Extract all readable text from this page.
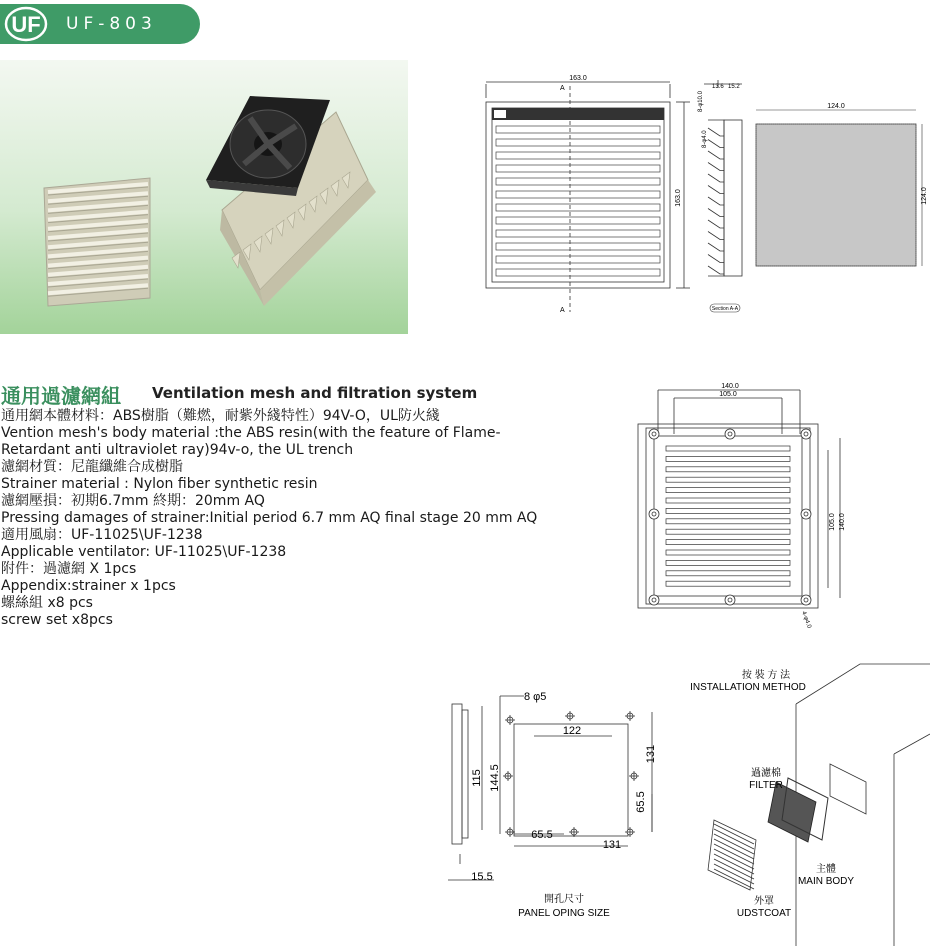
UF UF-803
通用過濾網組 Ventilation mesh and filtration system
通用網本體材料：ABS樹脂（難燃，耐紫外綫特性）94V-O，UL防火綫
Vention mesh's body material :the ABS resin(with the feature of Flame-
Retardant anti ultraviolet ray)94v-o, the UL trench
濾網材質：尼龍纖維合成樹脂
Strainer material : Nylon fiber synthetic resin
濾網壓損：初期6.7mm 終期：20mm AQ
Pressing damages of strainer:Initial period 6.7 mm AQ final stage 20 mm AQ
適用風扇：UF-11025\UF-1238
Applicable ventilator: UF-11025\UF-1238
附件：過濾網 X 1pcs
Appendix:strainer x 1pcs
螺絲組 x8 pcs
screw set x8pcs
163.0
163.0
A
A
13.6 15.2
8-φ10.0
8-φ4.0
Section A-A
124.0
124.0
140.0
105.0
105.0 140.0
4-φ4.0
8 φ5
122
131
115 144.5
65.5
65.5
131
15.5
開孔尺寸
PANEL OPING SIZE
按 裝 方 法
INSTALLATION METHOD
過濾棉
FILTER
主體
MAIN BODY
外罩
UDSTCOAT
